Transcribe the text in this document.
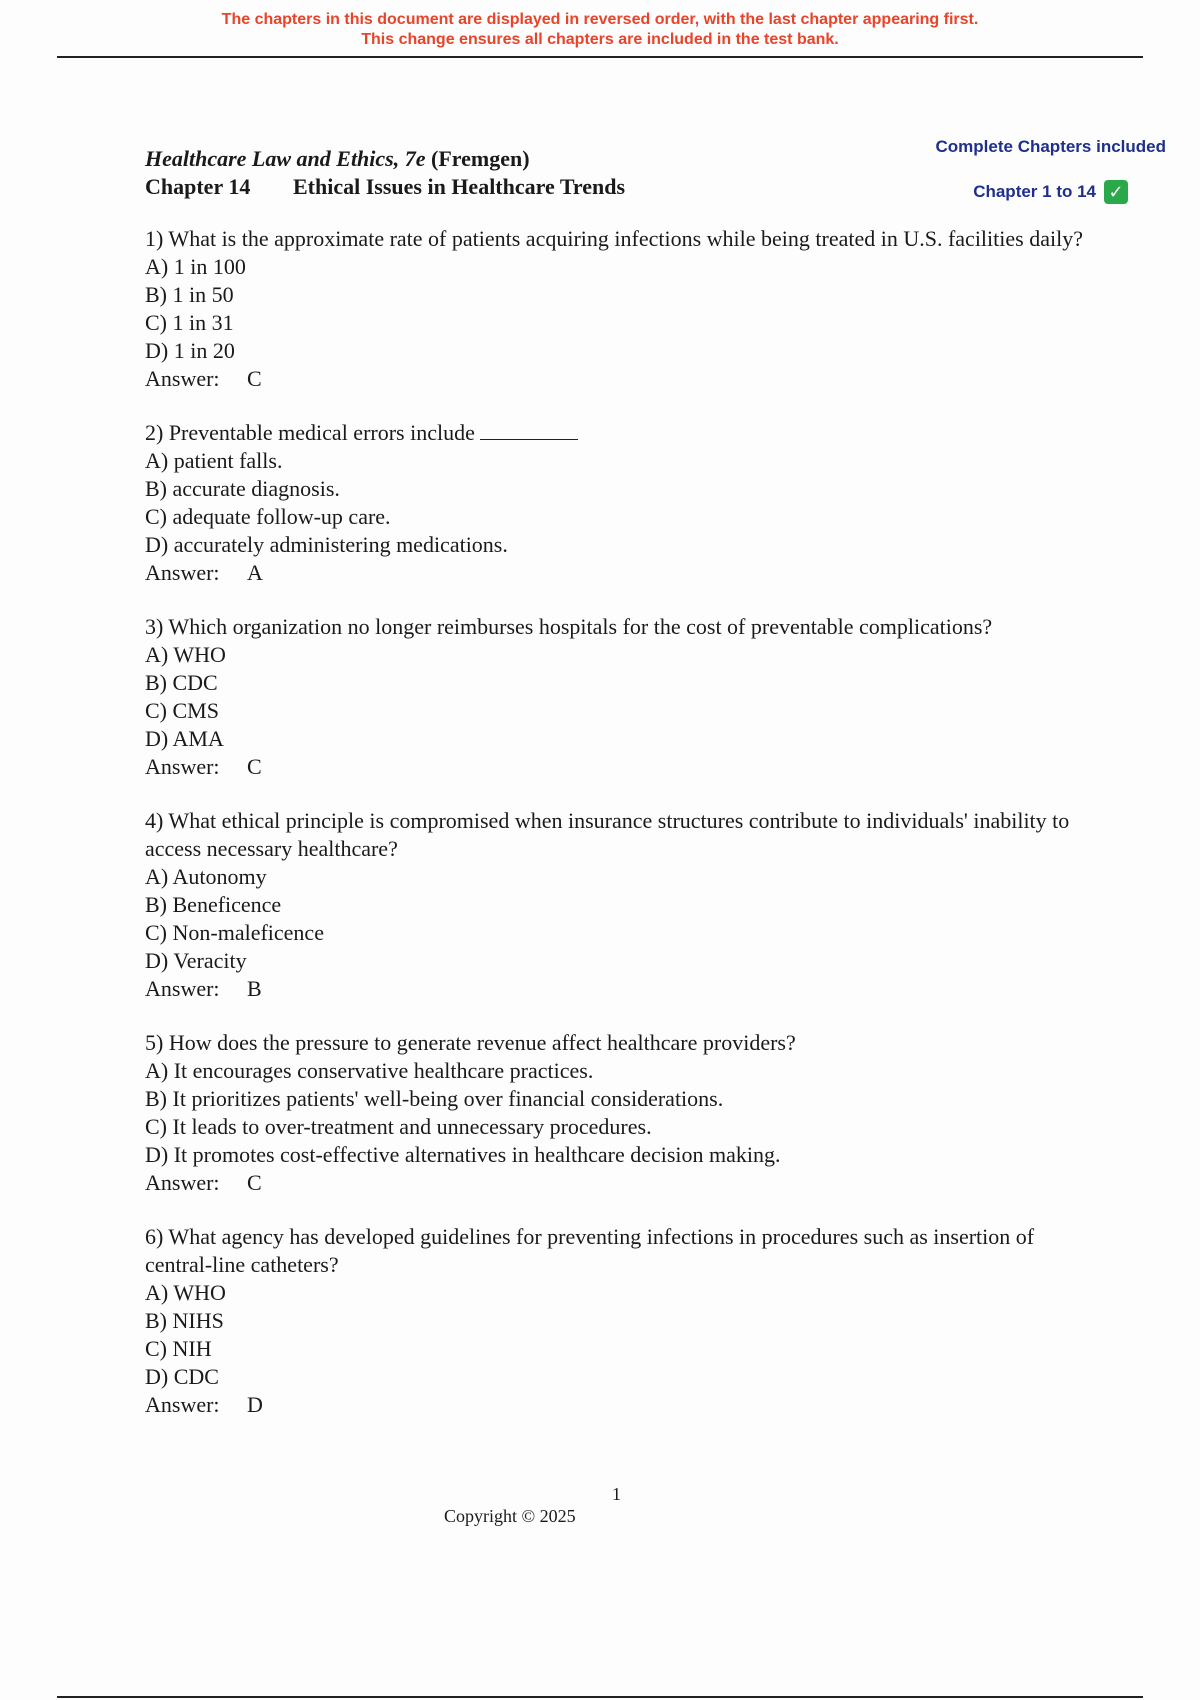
The chapters in this document are displayed in reversed order, with the last chapter appearing first.
This change ensures all chapters are included in the test bank.
Complete Chapters included
Chapter 1 to 14 ✓
Healthcare Law and Ethics, 7e (Fremgen)
Chapter 14 Ethical Issues in Healthcare Trends
1) What is the approximate rate of patients acquiring infections while being treated in U.S. facilities daily?
A) 1 in 100
B) 1 in 50
C) 1 in 31
D) 1 in 20
Answer: C
2) Preventable medical errors include
A) patient falls.
B) accurate diagnosis.
C) adequate follow-up care.
D) accurately administering medications.
Answer: A
3) Which organization no longer reimburses hospitals for the cost of preventable complications?
A) WHO
B) CDC
C) CMS
D) AMA
Answer: C
4) What ethical principle is compromised when insurance structures contribute to individuals' inability to access necessary healthcare?
A) Autonomy
B) Beneficence
C) Non-maleficence
D) Veracity
Answer: B
5) How does the pressure to generate revenue affect healthcare providers?
A) It encourages conservative healthcare practices.
B) It prioritizes patients' well-being over financial considerations.
C) It leads to over-treatment and unnecessary procedures.
D) It promotes cost-effective alternatives in healthcare decision making.
Answer: C
6) What agency has developed guidelines for preventing infections in procedures such as insertion of central-line catheters?
A) WHO
B) NIHS
C) NIH
D) CDC
Answer: D
1
Copyright © 2025
